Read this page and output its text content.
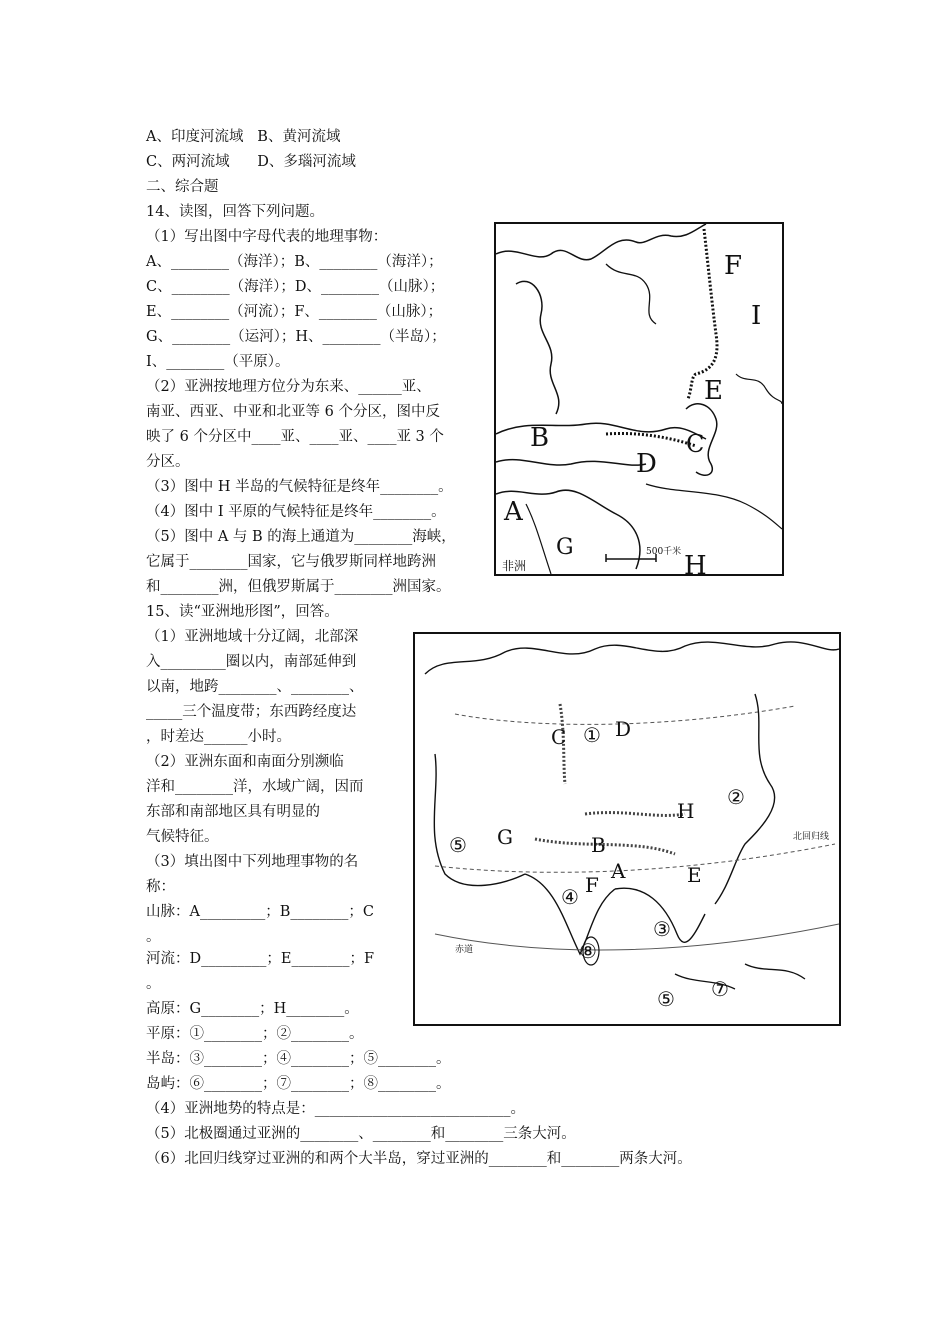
A、印度河流域   B、黄河流域
C、两河流域      D、多瑙河流域
二、综合题
14、读图，回答下列问题。
（1）写出图中字母代表的地理事物：
A、________（海洋）；B、________（海洋）；
C、________（海洋）；D、________（山脉）；
E、________（河流）；F、________（山脉）；
G、________（运河）；H、________（半岛）；
I、________（平原）。
（2）亚洲按地理方位分为东来、______亚、
南亚、西亚、中亚和北亚等 6 个分区，图中反
映了 6 个分区中____亚、____亚、____亚 3 个
分区。
（3）图中 H 半岛的气候特征是终年________。
（4）图中 I 平原的气候特征是终年________。
（5）图中 A 与 B 的海上通道为________海峡，
它属于________国家，它与俄罗斯同样地跨洲
和________洲，但俄罗斯属于________洲国家。
15、读“亚洲地形图”，回答。
（1）亚洲地域十分辽阔，北部深
入_________圈以内，南部延伸到
以南，地跨________、________、
_____三个温度带；东西跨经度达
，时差达______小时。
（2）亚洲东面和南面分别濒临
洋和________洋，水域广阔，因而
东部和南部地区具有明显的
气候特征。
（3）填出图中下列地理事物的名
称：
山脉：A_________；B________；C
。
河流：D_________；E________；F
。
高原：G________；H________。
平原：①________；②________。
半岛：③________；④________；⑤________。
岛屿：⑥________；⑦________；⑧________。
（4）亚洲地势的特点是：___________________________。
（5）北极圈通过亚洲的________、________和________三条大河。
（6）北回归线穿过亚洲的和两个大半岛，穿过亚洲的________和________两条大河。
500千米
非洲
F
I
E
B	C
D
A
G
H
北回归线
赤道
C ① D
②
⑤ G
H
B
A
F	E
④
③
⑧
⑤ ⑦
